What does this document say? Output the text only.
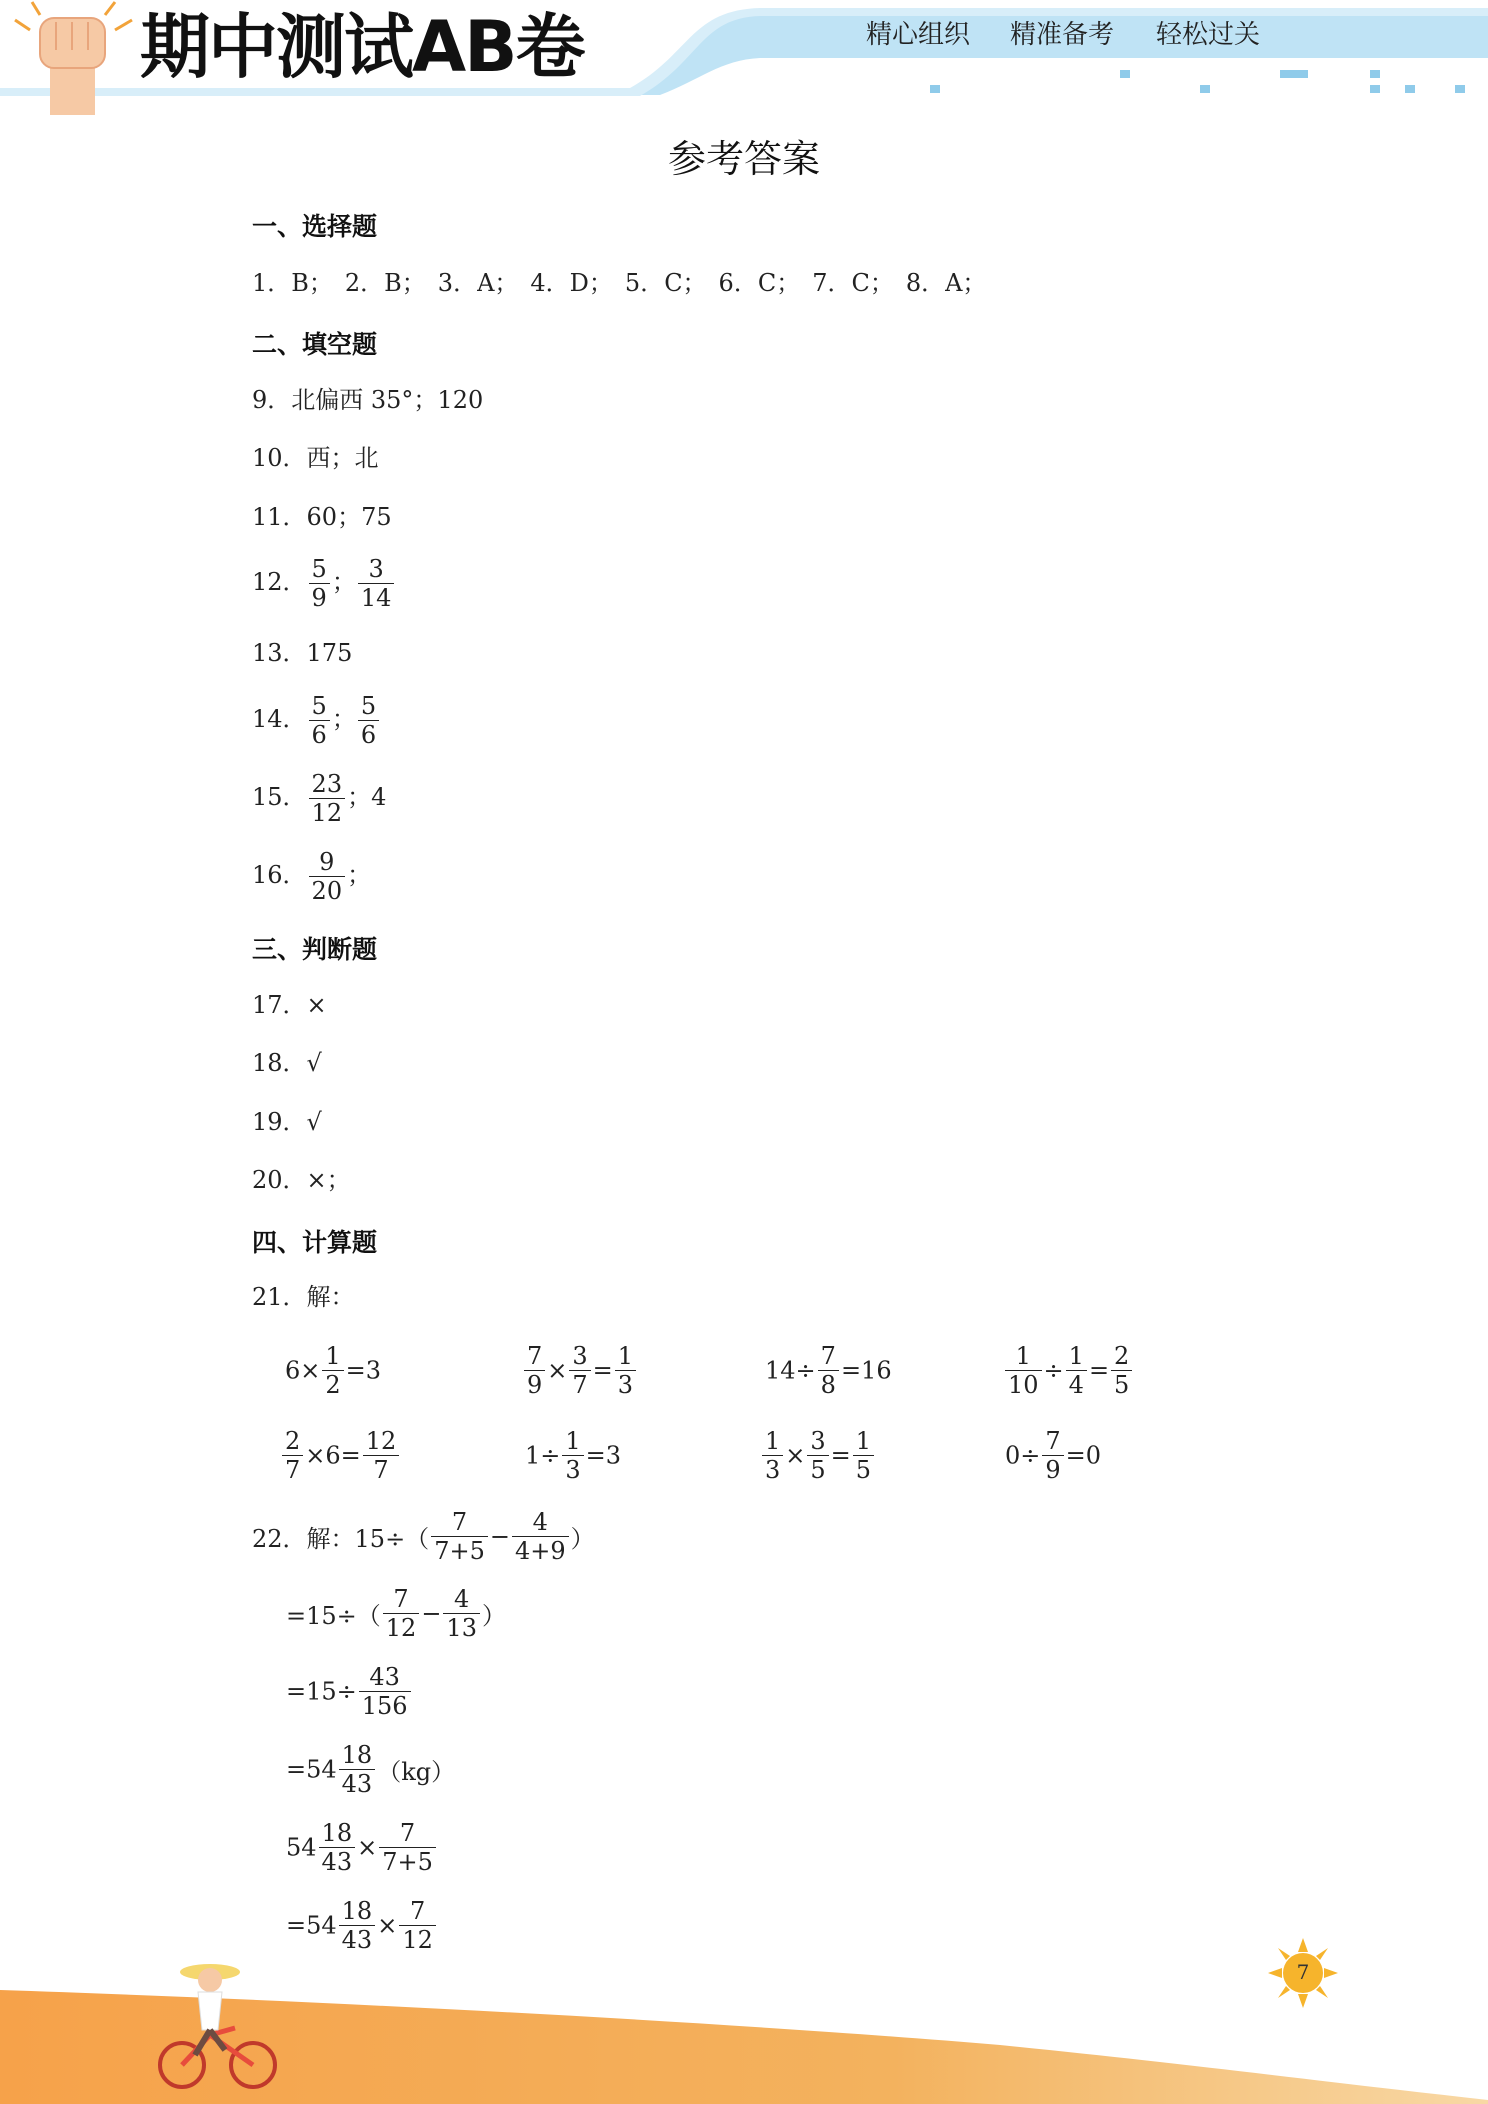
期中测试AB卷	精心组织 精准备考 轻松过关
参考答案
一、选择题
1．B；　2．B；　3．A；　4．D；　5．C；　6．C；　7．C；　8．A；
二、填空题
9．北偏西 35°；120
10．西；北
11．60；75
12． $\frac{5}{9}$ ； $\frac{3}{14}$
13．175
14． $\frac{5}{6}$ ； $\frac{5}{6}$
15． $\frac{23}{12}$ ；4
16． $\frac{9}{20}$ ；
三、判断题
17．×
18．√
19．√
20．×；
四、计算题
21．解：
$6\times \frac{1}{2} =3$	$\frac{7}{9} \times \frac{3}{7} = \frac{1}{3}$	$14\div \frac{7}{8} =16$	$\frac{1}{10} \div \frac{1}{4} = \frac{2}{5}$
$\frac{2}{7} \times 6= \frac{12}{7}$	$1\div \frac{1}{3} =3$	$\frac{1}{3} \times \frac{3}{5} = \frac{1}{5}$	$0\div \frac{7}{9} =0$
22．解：$15\div( \frac{7}{7+5} - \frac{4}{4+9}$ ）
$=15\div( \frac{7}{12} - \frac{4}{13}$ ）
$=15\div \frac{43}{156}$
$=54 \frac{18}{43} (kg)$
$54 \frac{18}{43} \times \frac{7}{7+5}$
$=54 \frac{18}{43} \times \frac{7}{12}$
7
